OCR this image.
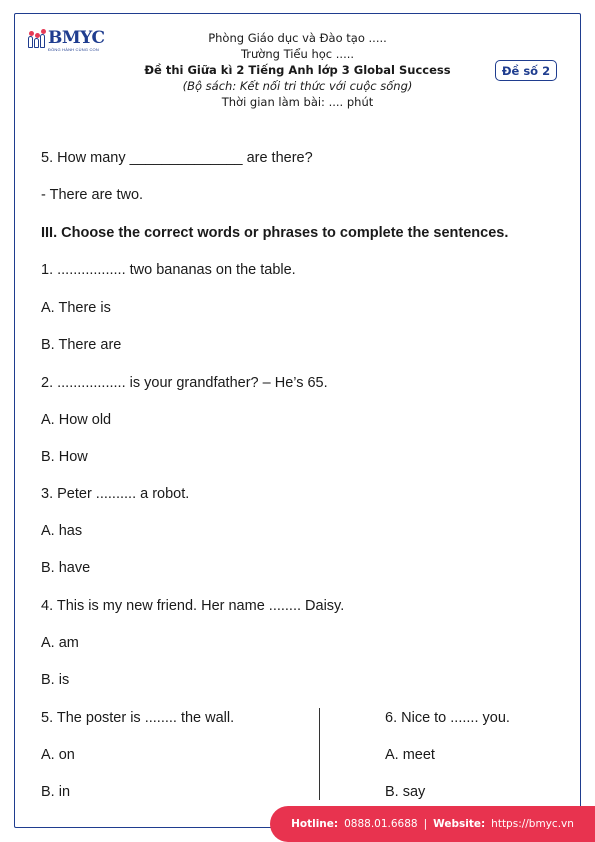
BMYC
ĐỒNG HÀNH CÙNG CON
Phòng Giáo dục và Đào tạo .....
Trường Tiểu học .....
Đề thi Giữa kì 2 Tiếng Anh lớp 3 Global Success
(Bộ sách: Kết nối tri thức với cuộc sống)
Thời gian làm bài: .... phút
Đề số 2
5. How many ______________ are there?
- There are two.
III. Choose the correct words or phrases to complete the sentences.
1. ................. two bananas on the table.
A. There is
B. There are
2. ................. is your grandfather? – He’s 65.
A. How old
B. How
3. Peter .......... a robot.
A. has
B. have
4. This is my new friend. Her name ........ Daisy.
A. am
B. is
5. The poster is ........ the wall.
A. on
B. in
6. Nice to ....... you.
A. meet
B. say
Hotline: 0888.01.6688 | Website: https://bmyc.vn
